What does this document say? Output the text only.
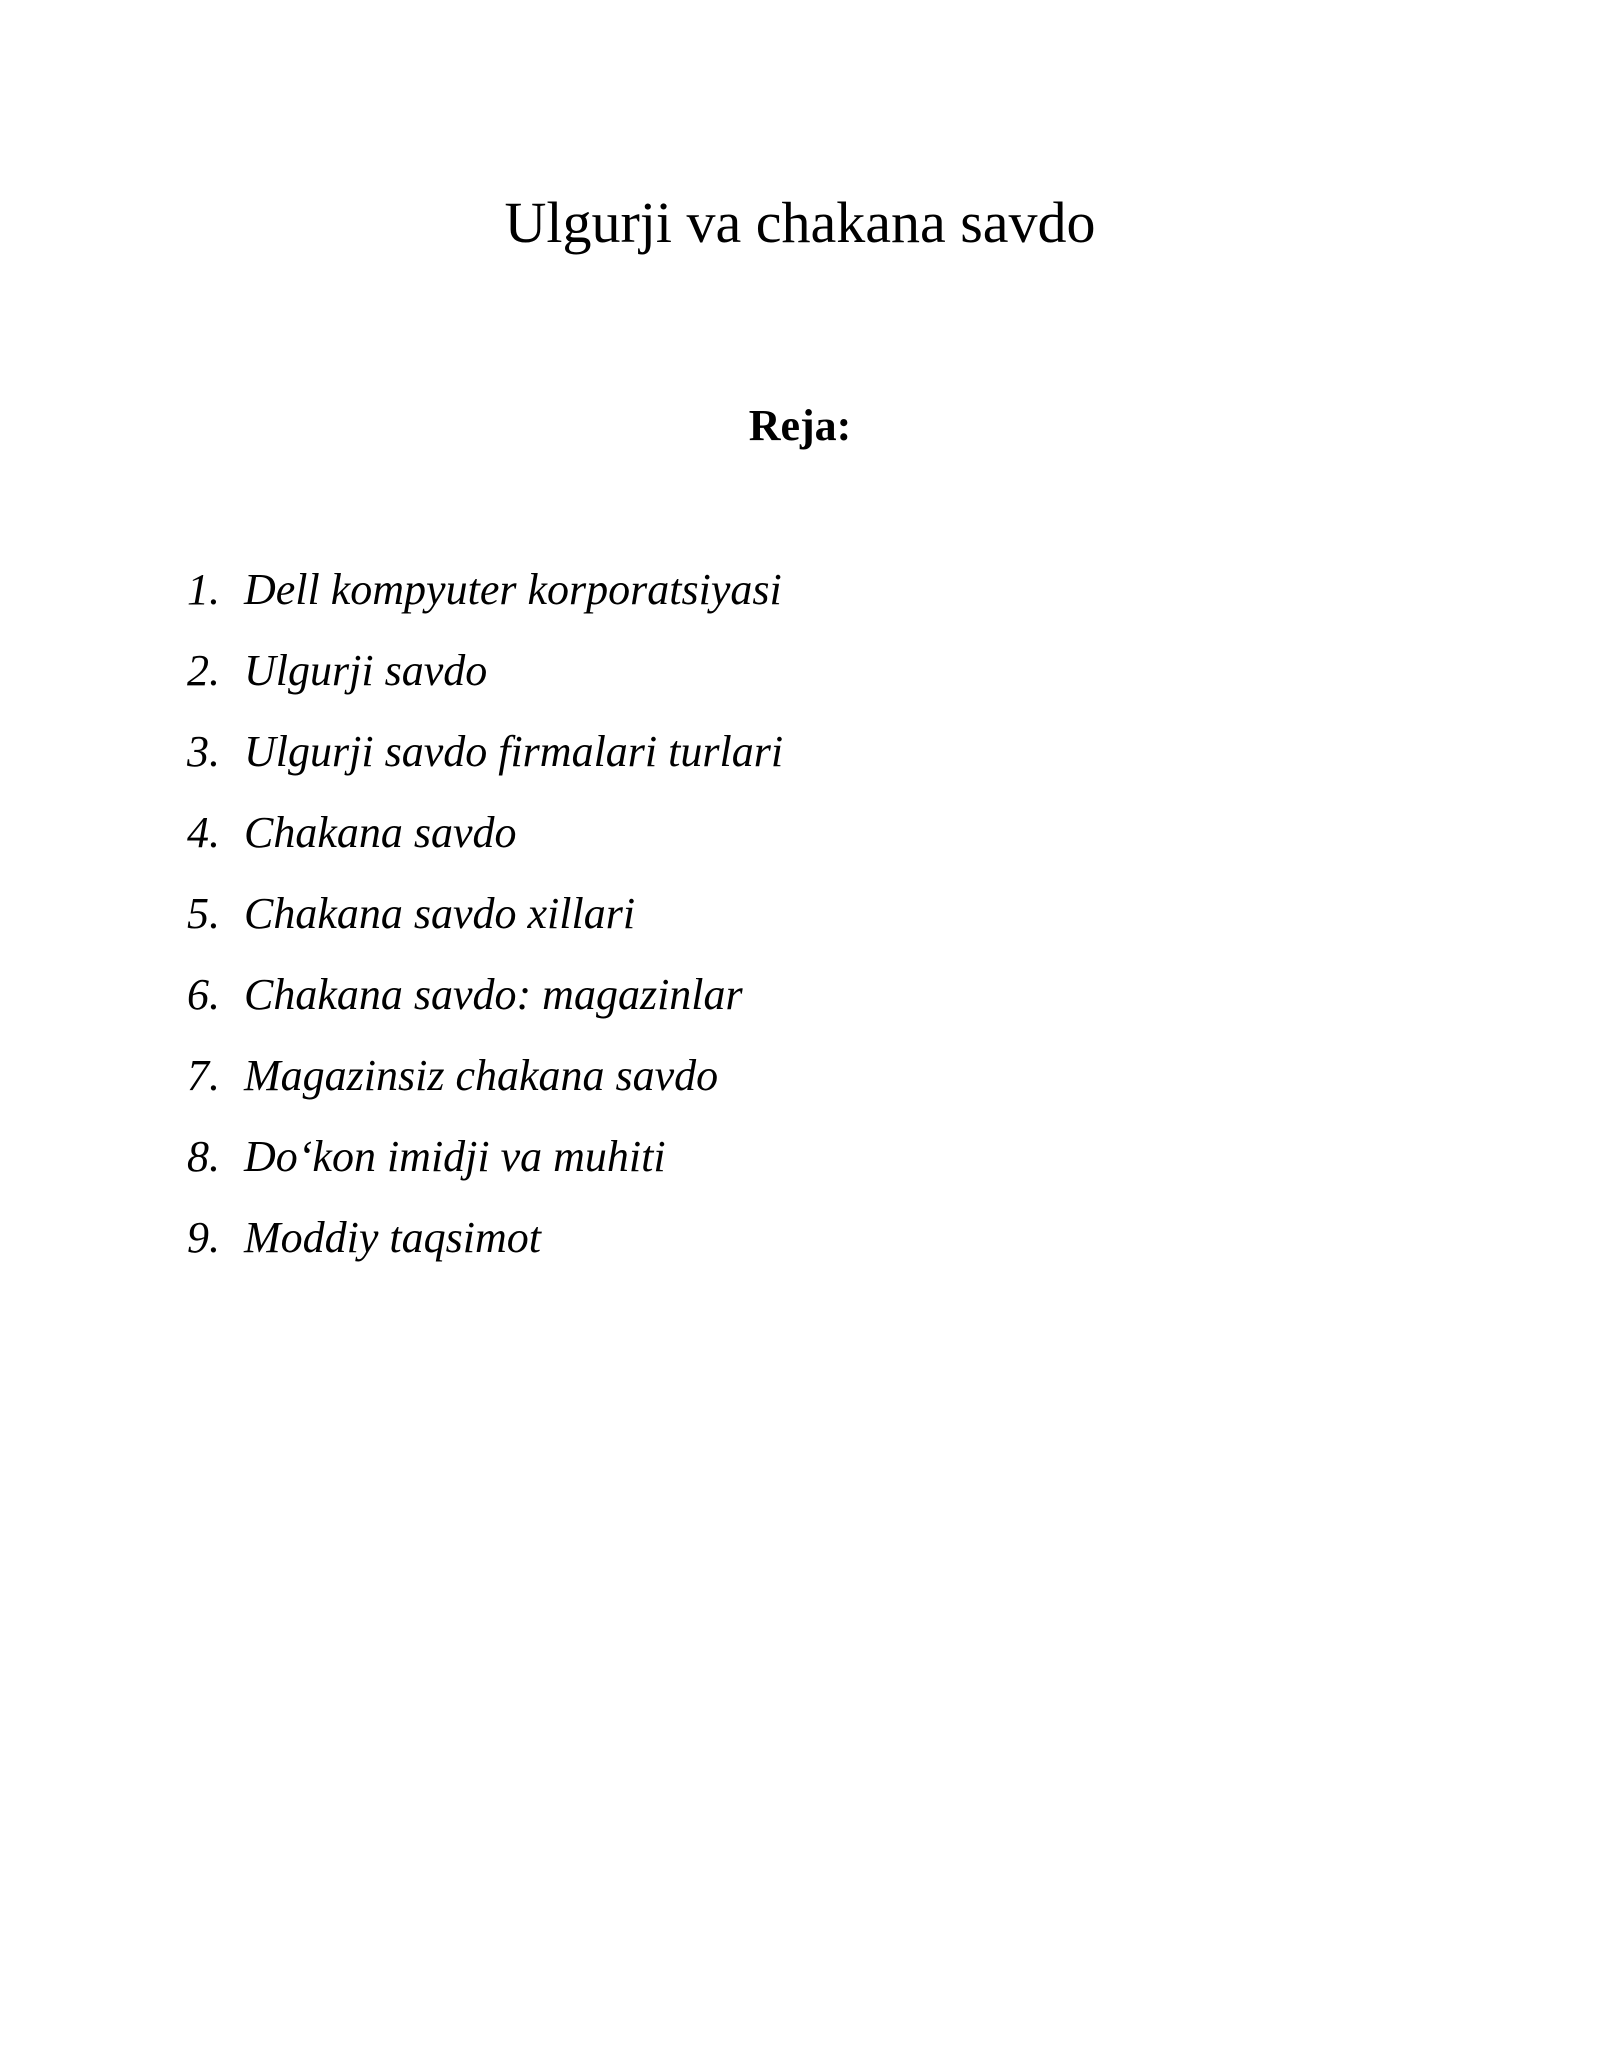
Ulgurji va chakana savdo
Reja:
1. Dell kompyuter korporatsiyasi
2. Ulgurji savdo
3. Ulgurji savdo firmalari turlari
4. Chakana savdo
5. Chakana savdo xillari
6. Chakana savdo: magazinlar
7. Magazinsiz chakana savdo
8. Do‘kon imidji va muhiti
9. Moddiy taqsimot
